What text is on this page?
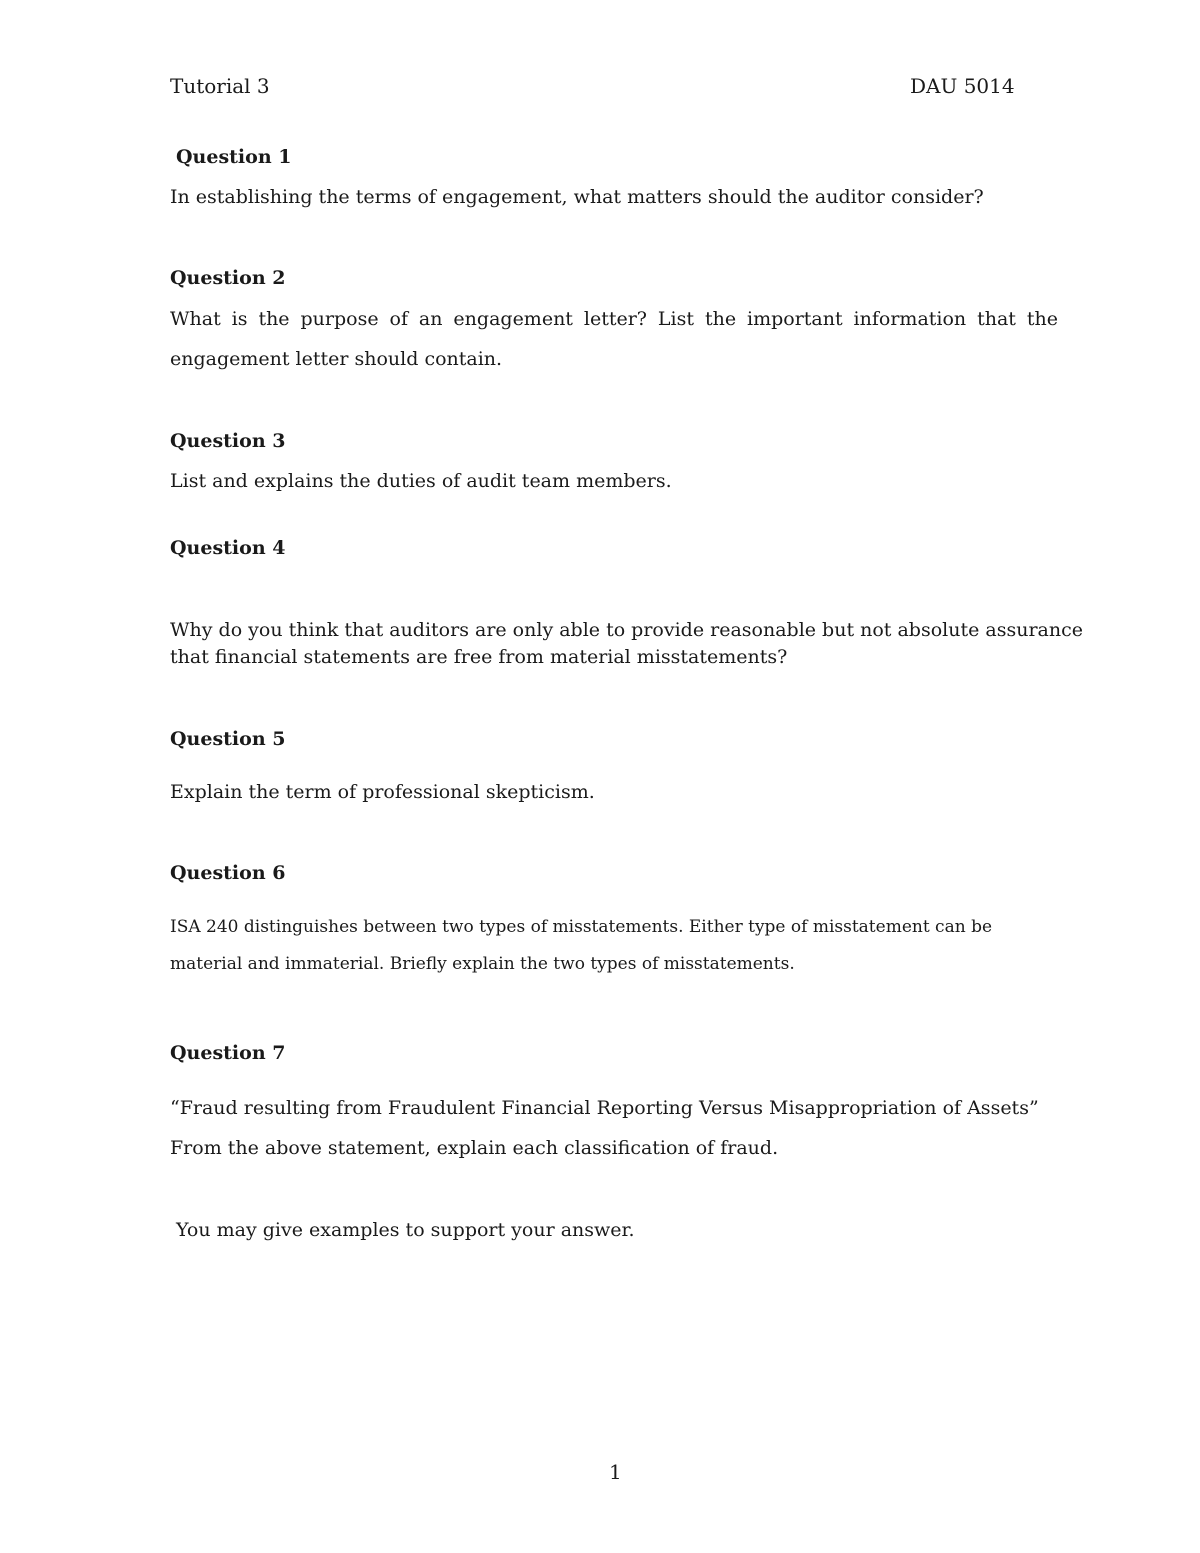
Tutorial 3	DAU 5014
Question 1
In establishing the terms of engagement, what matters should the auditor consider?
Question 2
What is the purpose of an engagement letter? List the important information that the
engagement letter should contain.
Question 3
List and explains the duties of audit team members.
Question 4
Why do you think that auditors are only able to provide reasonable but not absolute assurance
that financial statements are free from material misstatements?
Question 5
Explain the term of professional skepticism.
Question 6
ISA 240 distinguishes between two types of misstatements. Either type of misstatement can be
material and immaterial. Briefly explain the two types of misstatements.
Question 7
“Fraud resulting from Fraudulent Financial Reporting Versus Misappropriation of Assets”
From the above statement, explain each classification of fraud.
You may give examples to support your answer.
1
